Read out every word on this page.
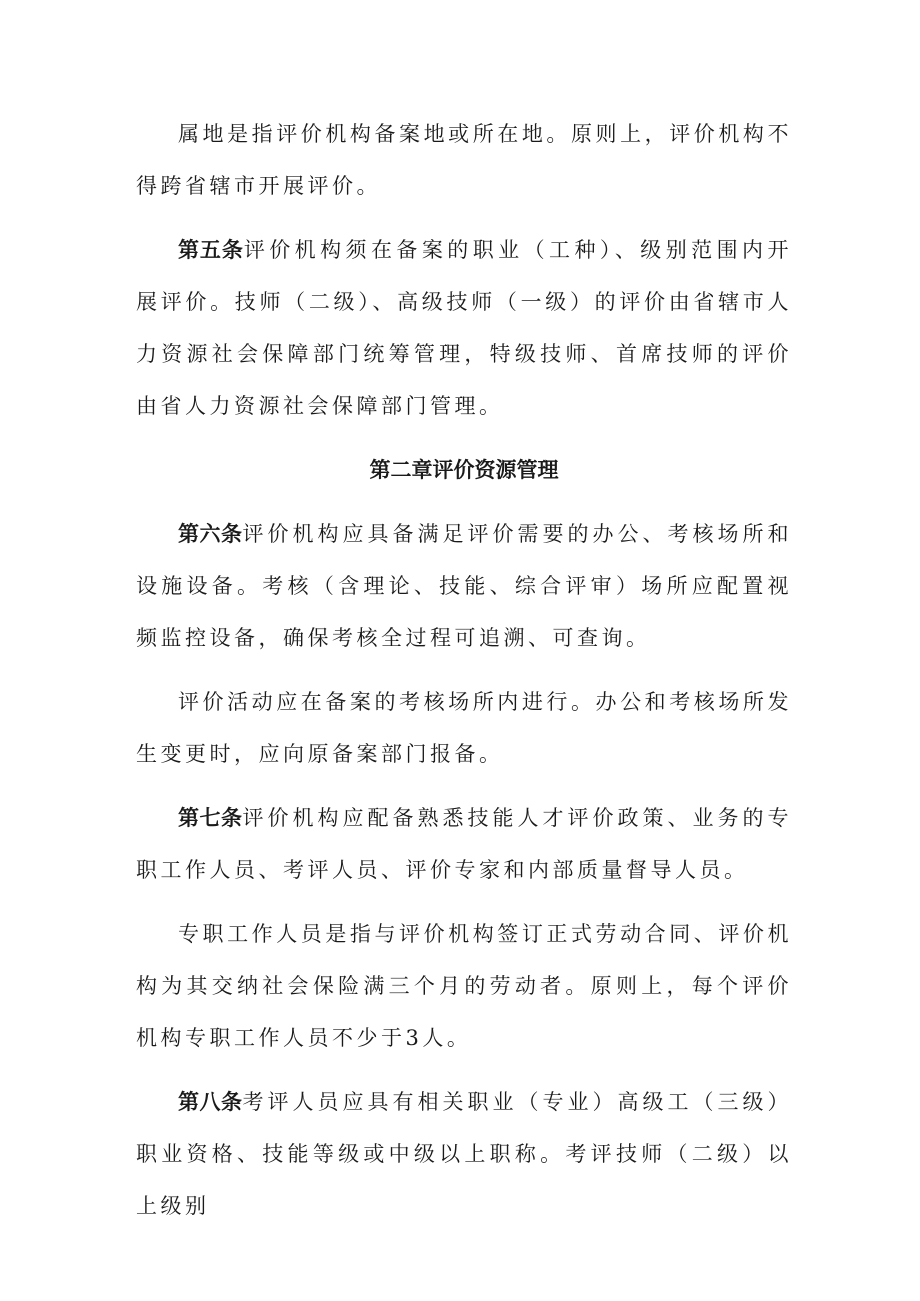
属地是指评价机构备案地或所在地。原则上，评价机构不得跨省辖市开展评价。

第五条评价机构须在备案的职业（工种）、级别范围内开展评价。技师（二级）、高级技师（一级）的评价由省辖市人力资源社会保障部门统筹管理，特级技师、首席技师的评价由省人力资源社会保障部门管理。

第二章评价资源管理

第六条评价机构应具备满足评价需要的办公、考核场所和设施设备。考核（含理论、技能、综合评审）场所应配置视频监控设备，确保考核全过程可追溯、可查询。

评价活动应在备案的考核场所内进行。办公和考核场所发生变更时，应向原备案部门报备。

第七条评价机构应配备熟悉技能人才评价政策、业务的专职工作人员、考评人员、评价专家和内部质量督导人员。

专职工作人员是指与评价机构签订正式劳动合同、评价机构为其交纳社会保险满三个月的劳动者。原则上，每个评价机构专职工作人员不少于3人。

第八条考评人员应具有相关职业（专业）高级工（三级）职业资格、技能等级或中级以上职称。考评技师（二级）以上级别
